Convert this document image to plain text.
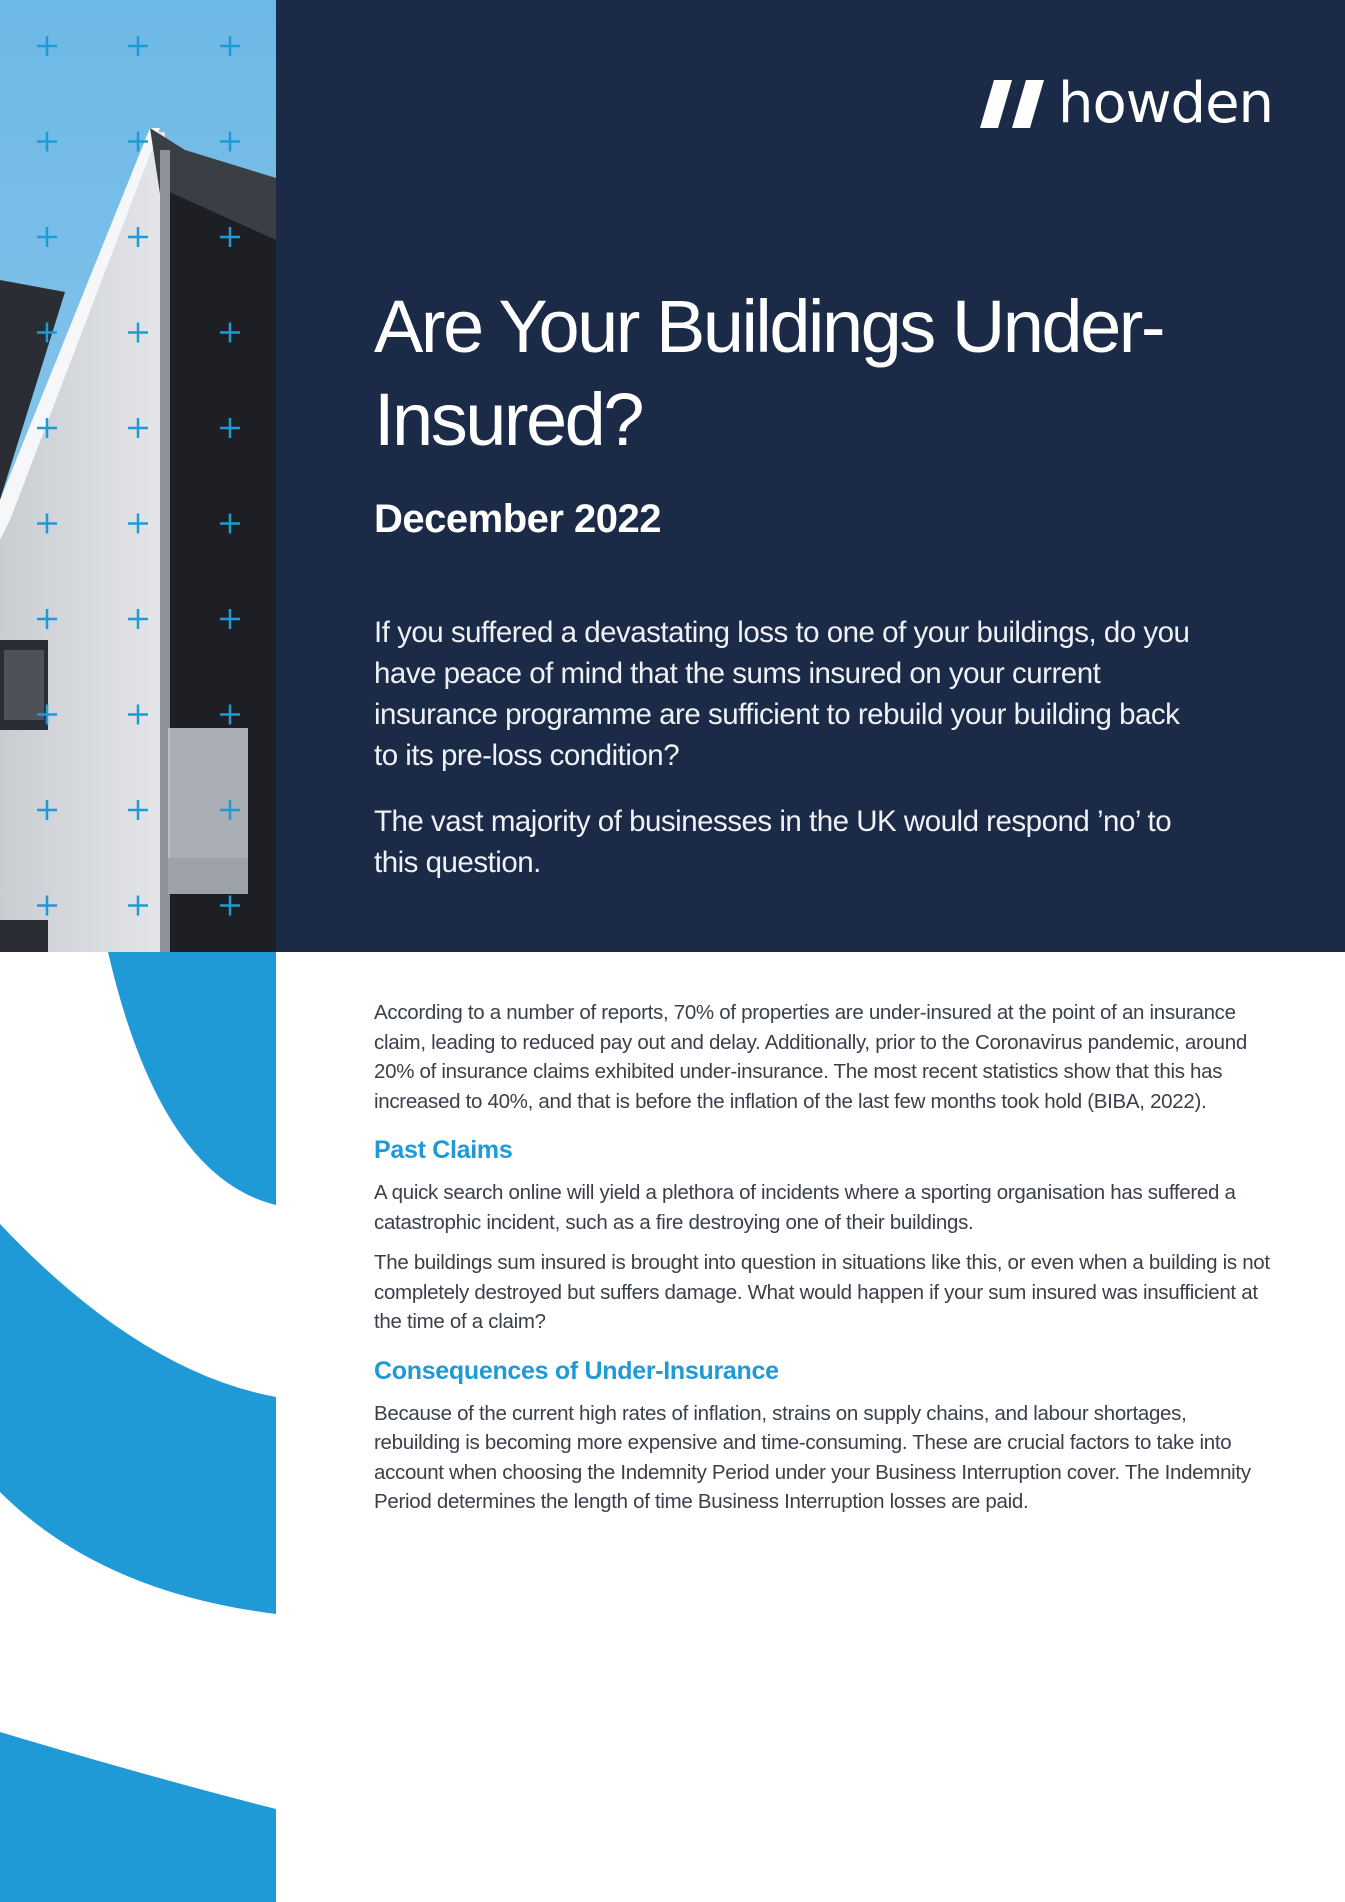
howden
Are Your Buildings Under-Insured?
December 2022

If you suffered a devastating loss to one of your buildings, do you have peace of mind that the sums insured on your current insurance programme are sufficient to rebuild your building back to its pre-loss condition?

The vast majority of businesses in the UK would respond ’no’ to this question.

According to a number of reports, 70% of properties are under-insured at the point of an insurance claim, leading to reduced pay out and delay. Additionally, prior to the Coronavirus pandemic, around 20% of insurance claims exhibited under-insurance. The most recent statistics show that this has increased to 40%, and that is before the inflation of the last few months took hold (BIBA, 2022).

Past Claims

A quick search online will yield a plethora of incidents where a sporting organisation has suffered a catastrophic incident, such as a fire destroying one of their buildings.

The buildings sum insured is brought into question in situations like this, or even when a building is not completely destroyed but suffers damage. What would happen if your sum insured was insufficient at the time of a claim?

Consequences of Under-Insurance

Because of the current high rates of inflation, strains on supply chains, and labour shortages, rebuilding is becoming more expensive and time-consuming. These are crucial factors to take into account when choosing the Indemnity Period under your Business Interruption cover. The Indemnity Period determines the length of time Business Interruption losses are paid.
